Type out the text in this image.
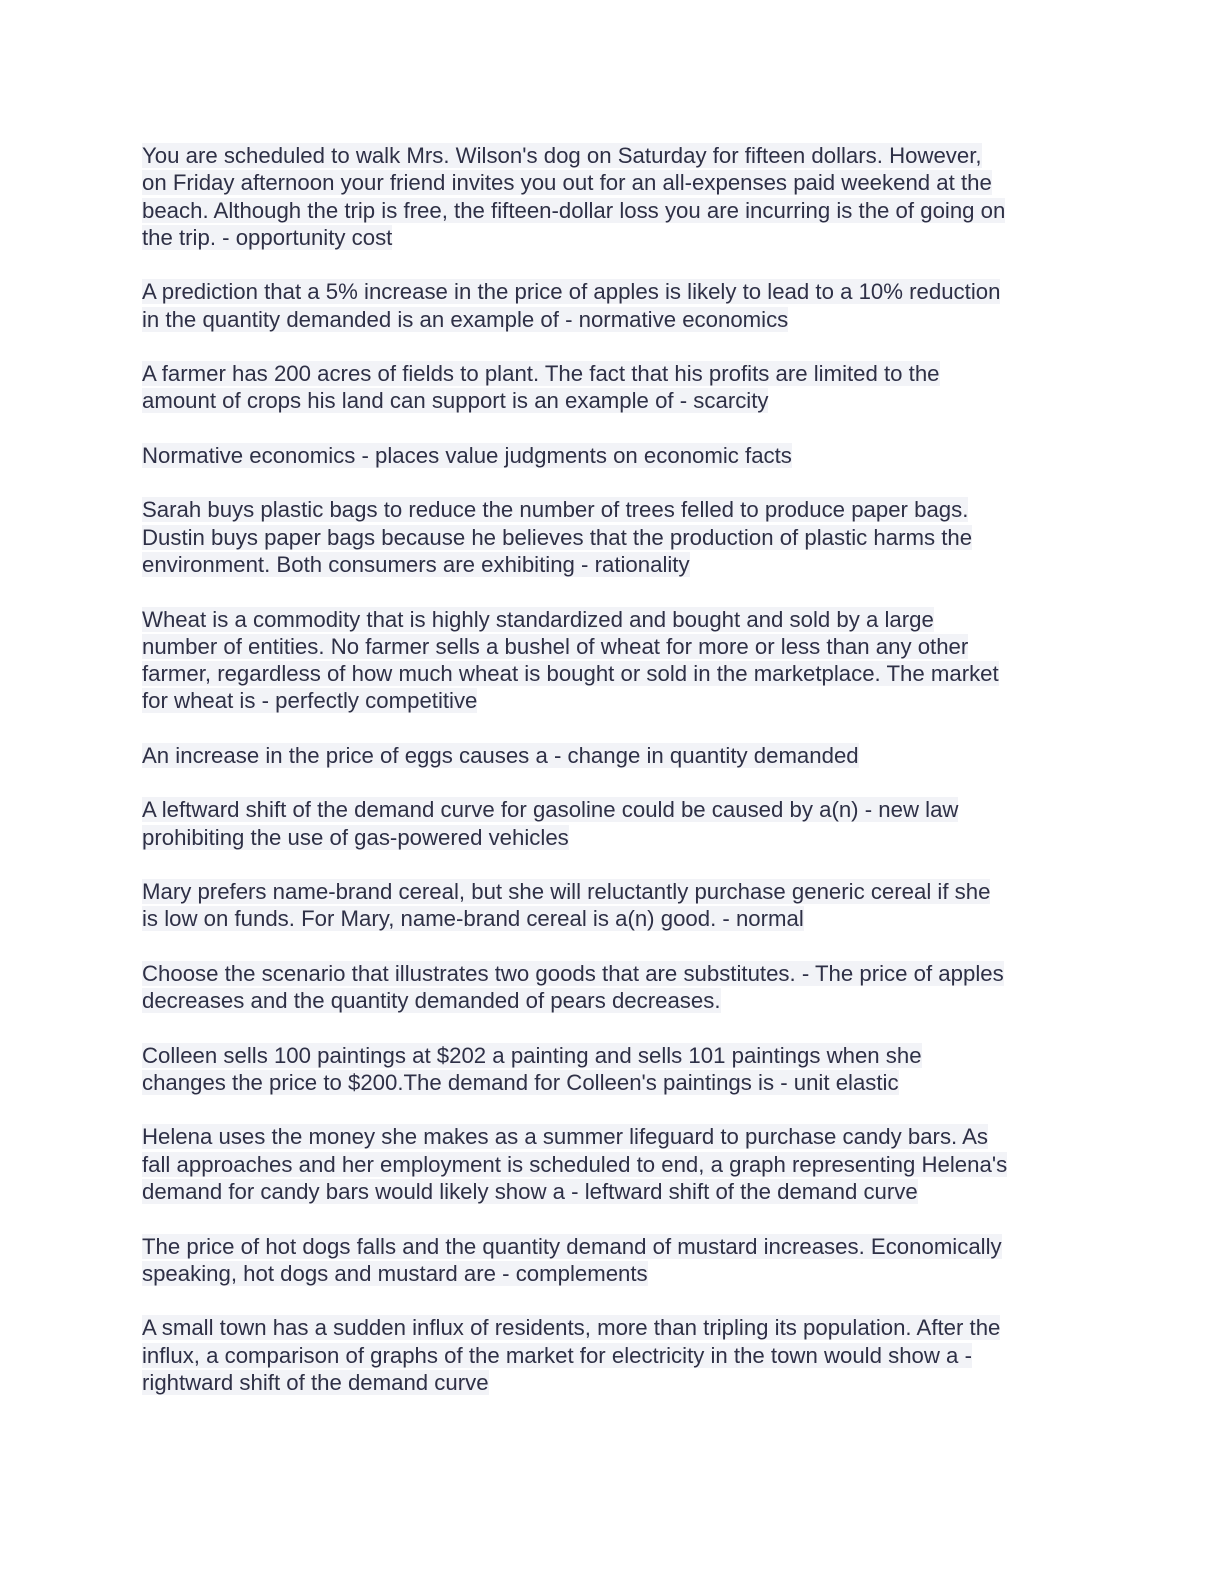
You are scheduled to walk Mrs. Wilson's dog on Saturday for fifteen dollars. However,
on Friday afternoon your friend invites you out for an all-expenses paid weekend at the
beach. Although the trip is free, the fifteen-dollar loss you are incurring is the of going on
the trip. - opportunity cost
A prediction that a 5% increase in the price of apples is likely to lead to a 10% reduction
in the quantity demanded is an example of - normative economics
A farmer has 200 acres of fields to plant. The fact that his profits are limited to the
amount of crops his land can support is an example of - scarcity
Normative economics - places value judgments on economic facts
Sarah buys plastic bags to reduce the number of trees felled to produce paper bags.
Dustin buys paper bags because he believes that the production of plastic harms the
environment. Both consumers are exhibiting - rationality
Wheat is a commodity that is highly standardized and bought and sold by a large
number of entities. No farmer sells a bushel of wheat for more or less than any other
farmer, regardless of how much wheat is bought or sold in the marketplace. The market
for wheat is - perfectly competitive
An increase in the price of eggs causes a - change in quantity demanded
A leftward shift of the demand curve for gasoline could be caused by a(n) - new law
prohibiting the use of gas-powered vehicles
Mary prefers name-brand cereal, but she will reluctantly purchase generic cereal if she
is low on funds. For Mary, name-brand cereal is a(n) good. - normal
Choose the scenario that illustrates two goods that are substitutes. - The price of apples
decreases and the quantity demanded of pears decreases.
Colleen sells 100 paintings at $202 a painting and sells 101 paintings when she
changes the price to $200.The demand for Colleen's paintings is - unit elastic
Helena uses the money she makes as a summer lifeguard to purchase candy bars. As
fall approaches and her employment is scheduled to end, a graph representing Helena's
demand for candy bars would likely show a - leftward shift of the demand curve
The price of hot dogs falls and the quantity demand of mustard increases. Economically
speaking, hot dogs and mustard are - complements
A small town has a sudden influx of residents, more than tripling its population. After the
influx, a comparison of graphs of the market for electricity in the town would show a -
rightward shift of the demand curve
